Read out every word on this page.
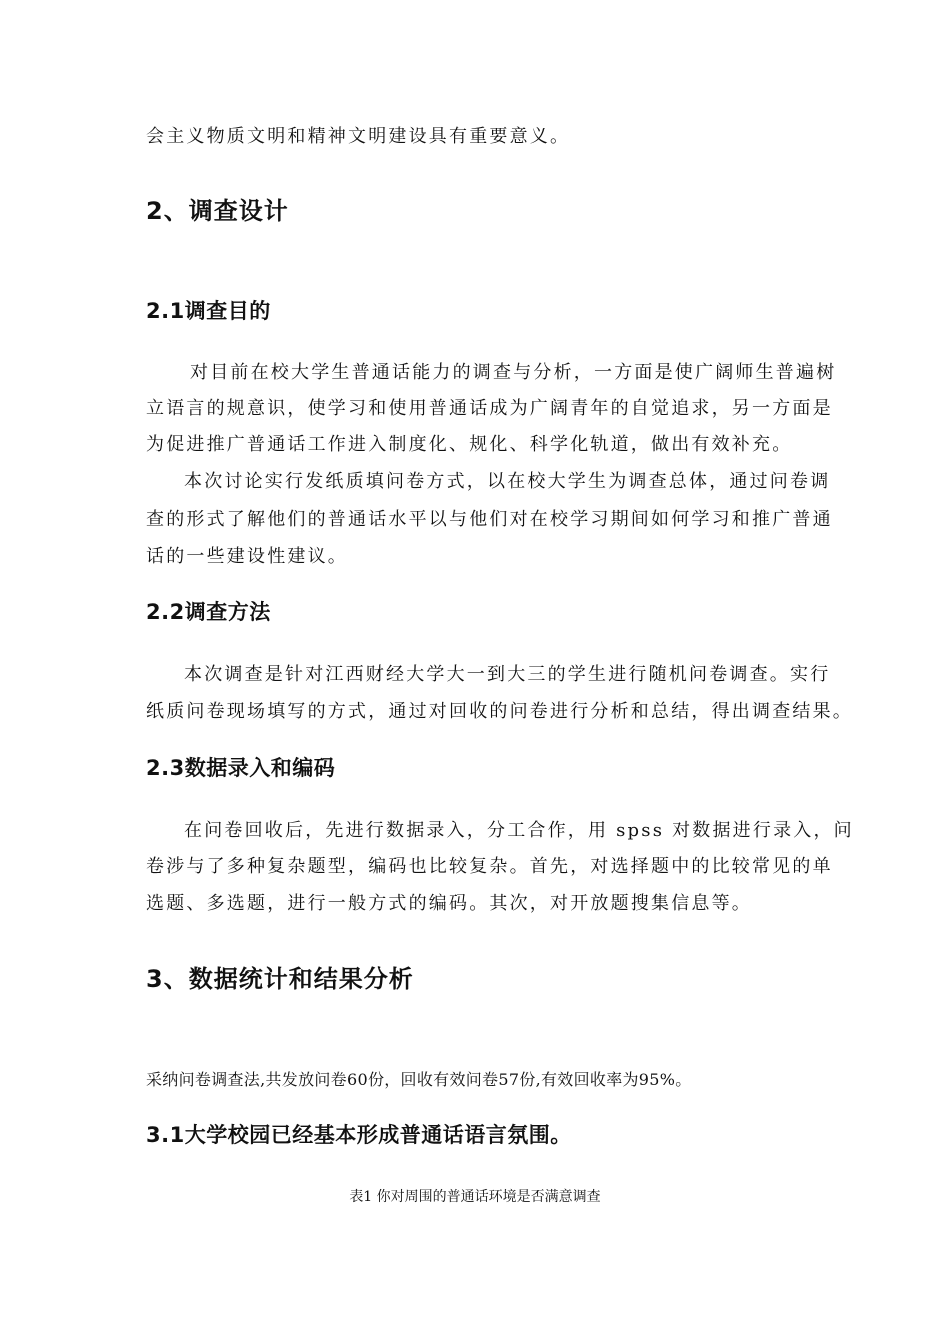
会主义物质文明和精神文明建设具有重要意义。
2、调查设计
2.1调查目的
对目前在校大学生普通话能力的调查与分析，一方面是使广阔师生普遍树
立语言的规意识，使学习和使用普通话成为广阔青年的自觉追求，另一方面是
为促进推广普通话工作进入制度化、规化、科学化轨道，做出有效补充。
本次讨论实行发纸质填问卷方式，以在校大学生为调查总体，通过问卷调
查的形式了解他们的普通话水平以与他们对在校学习期间如何学习和推广普通
话的一些建设性建议。
2.2调查方法
本次调查是针对江西财经大学大一到大三的学生进行随机问卷调查。实行
纸质问卷现场填写的方式，通过对回收的问卷进行分析和总结，得出调查结果。
2.3数据录入和编码
在问卷回收后，先进行数据录入，分工合作，用 spss 对数据进行录入，问
卷涉与了多种复杂题型，编码也比较复杂。首先，对选择题中的比较常见的单
选题、多选题，进行一般方式的编码。其次，对开放题搜集信息等。
3、数据统计和结果分析
采纳问卷调查法,共发放问卷60份，回收有效问卷57份,有效回收率为95%。
3.1大学校园已经基本形成普通话语言氛围。
表1 你对周围的普通话环境是否满意调查
